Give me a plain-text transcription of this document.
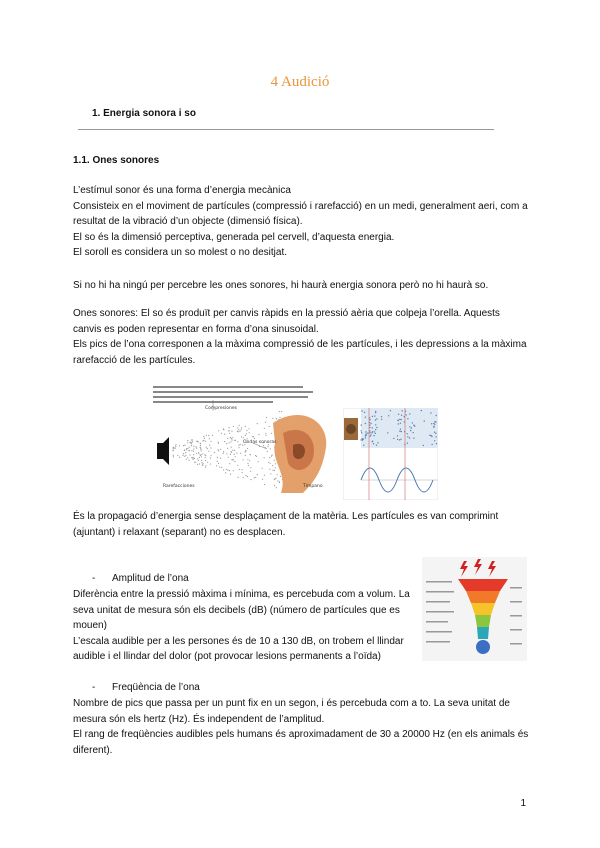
4 Audició
1. Energia sonora i so
1.1. Ones sonores
L’estímul sonor és una forma d’energia mecànica
Consisteix en el moviment de partícules (compressió i rarefacció) en un medi, generalment aeri, com a resultat de la vibració d’un objecte (dimensió física).
El so és la dimensió perceptiva, generada pel cervell, d’aquesta energia.
El soroll es considera un so molest o no desitjat.
Si no hi ha ningú per percebre les ones sonores, hi haurà energia sonora però no hi haurà so.
Ones sonores: El so és produït per canvis ràpids en la pressió aèria que colpeja l’orella. Aquests canvis es poden representar en forma d’ona sinusoidal.
Els pics de l’ona corresponen a la màxima compressió de les partícules, i les depressions a la màxima rarefacció de les partícules.
Compresiones
Ondas sonoras
Rarefacciones	Tímpano
És la propagació d’energia sense desplaçament de la matèria. Les partícules es van comprimint (ajuntant) i relaxant (separant) no es desplacen.
- Amplitud de l’ona
Diferència entre la pressió màxima i mínima, es percebuda com a volum. La seva unitat de mesura són els decibels (dB) (número de partícules que es mouen)
L’escala audible per a les persones és de 10 a 130 dB, on trobem el llindar audible i el llindar del dolor (pot provocar lesions permanents a l’oïda)
- Freqüència de l’ona
Nombre de pics que passa per un punt fix en un segon, i és percebuda com a to. La seva unitat de mesura són els hertz (Hz). És independent de l’amplitud.
El rang de freqüències audibles pels humans és aproximadament de 30 a 20000 Hz (en els animals és diferent).
1
